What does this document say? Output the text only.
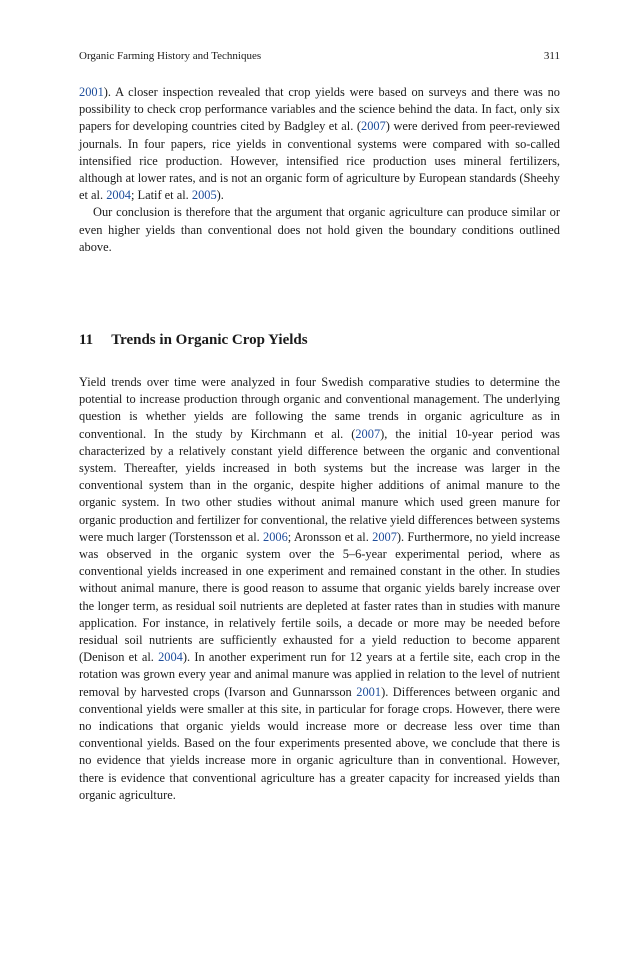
Organic Farming History and Techniques	311

2001). A closer inspection revealed that crop yields were based on surveys and there was no possibility to check crop performance variables and the science behind the data. In fact, only six papers for developing countries cited by Badgley et al. (2007) were derived from peer-reviewed journals. In four papers, rice yields in conventional systems were compared with so-called intensified rice production. However, intensified rice production uses mineral fertilizers, although at lower rates, and is not an organic form of agriculture by European standards (Sheehy et al. 2004; Latif et al. 2005).

Our conclusion is therefore that the argument that organic agriculture can produce similar or even higher yields than conventional does not hold given the boundary conditions outlined above.

11 Trends in Organic Crop Yields

Yield trends over time were analyzed in four Swedish comparative studies to determine the potential to increase production through organic and conventional management. The underlying question is whether yields are following the same trends in organic agriculture as in conventional. In the study by Kirchmann et al. (2007), the initial 10-year period was characterized by a relatively constant yield difference between the organic and conventional system. Thereafter, yields increased in both systems but the increase was larger in the conventional system than in the organic, despite higher additions of animal manure to the organic system. In two other studies without animal manure which used green manure for organic production and fertilizer for conventional, the relative yield differences between systems were much larger (Torstensson et al. 2006; Aronsson et al. 2007). Furthermore, no yield increase was observed in the organic system over the 5–6-year experimental period, where as conventional yields increased in one experiment and remained constant in the other. In studies without animal manure, there is good reason to assume that organic yields barely increase over the longer term, as residual soil nutrients are depleted at faster rates than in studies with manure application. For instance, in relatively fertile soils, a decade or more may be needed before residual soil nutrients are sufficiently exhausted for a yield reduction to become apparent (Denison et al. 2004). In another experiment run for 12 years at a fertile site, each crop in the rotation was grown every year and animal manure was applied in relation to the level of nutrient removal by harvested crops (Ivarson and Gunnarsson 2001). Differences between organic and conventional yields were smaller at this site, in particular for forage crops. However, there were no indications that organic yields would increase more or decrease less over time than conventional yields. Based on the four experiments presented above, we conclude that there is no evidence that yields increase more in organic agriculture than in conventional. However, there is evidence that conventional agriculture has a greater capacity for increased yields than organic agriculture.
